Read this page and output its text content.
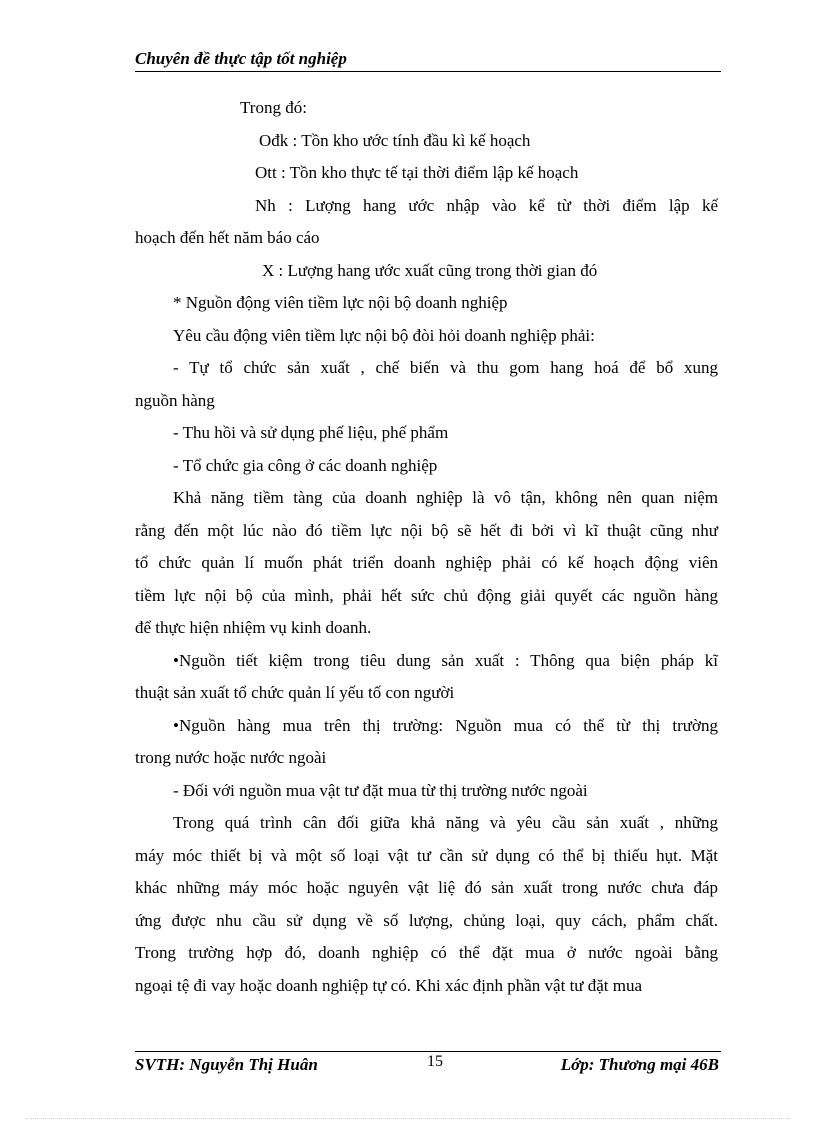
Chuyên đề thực tập tốt nghiệp
Trong đó:
Ođk : Tồn kho ước tính đầu kì kế hoạch
Ott : Tồn kho thực tế tại thời điểm lập kế hoạch
Nh : Lượng hang ước nhập vào kể từ thời điểm lập kế
hoạch đến hết năm báo cáo
X : Lượng hang ước xuất cũng trong thời gian đó
* Nguồn động viên tiềm lực nội bộ doanh nghiệp
Yêu cầu động viên tiềm lực nội bộ đòi hỏi doanh nghiệp phải:
- Tự tổ chức sản xuất , chế biến và thu gom hang hoá để bổ xung
nguồn hàng
- Thu hồi và sử dụng phế liệu, phế phẩm
- Tổ chức gia công ở các doanh nghiệp
Khả năng tiềm tàng của doanh nghiệp là vô tận, không nên quan niệm
rằng đến một lúc nào đó tiềm lực nội bộ sẽ hết đi bởi vì kĩ thuật cũng như
tổ chức quản lí muốn phát triển doanh nghiệp phải có kế hoạch động viên
tiềm lực nội bộ của mình, phải hết sức chủ động giải quyết các nguồn hàng
để thực hiện nhiệm vụ kinh doanh.
•Nguồn tiết kiệm trong tiêu dung sản xuất : Thông qua biện pháp kĩ
thuật sản xuất tổ chức quản lí yếu tố con người
•Nguồn hàng mua trên thị trường: Nguồn mua có thể từ thị trường
trong nước hoặc nước ngoài
- Đối với nguồn mua vật tư đặt mua từ thị trường nước ngoài
Trong quá trình cân đối giữa khả năng và yêu cầu sản xuất , những
máy móc thiết bị và một số loại vật tư cần sử dụng có thể bị thiếu hụt. Mặt
khác những máy móc hoặc nguyên vật liệ đó sản xuất trong nước chưa đáp
ứng được nhu cầu sử dụng về số lượng, chủng loại, quy cách, phẩm chất.
Trong trường hợp đó, doanh nghiệp có thể đặt mua ở nước ngoài bằng
ngoại tệ đi vay hoặc doanh nghiệp tự có. Khi xác định phần vật tư đặt mua
SVTH: Nguyễn Thị Huân	15	Lớp: Thương mại 46B
